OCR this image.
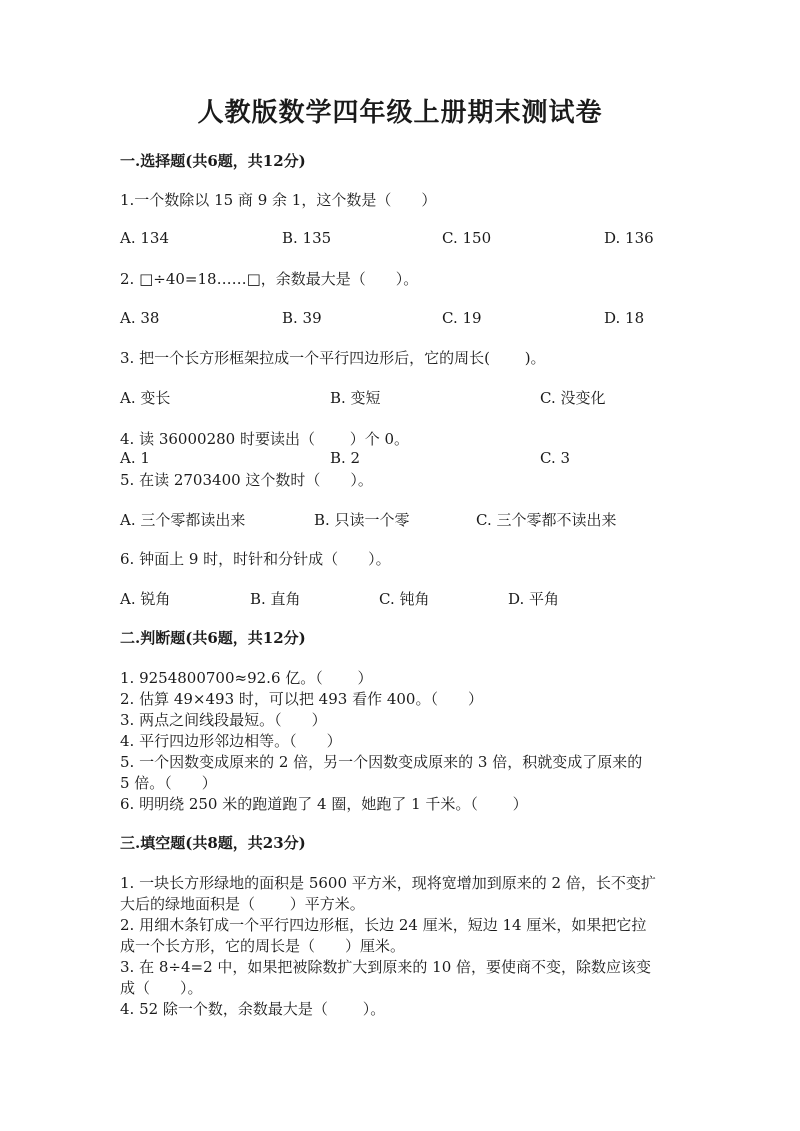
人教版数学四年级上册期末测试卷
一.选择题(共6题，共12分)
1.一个数除以 15 商 9 余 1，这个数是（　　）
A. 134	B. 135	C. 150	D. 136
2. □÷40=18……□，余数最大是（　　）。
A. 38	B. 39	C. 19	D. 18
3. 把一个长方形框架拉成一个平行四边形后，它的周长(　　 )。
A. 变长	B. 变短	C. 没变化
4. 读 36000280 时要读出（　　 ）个 0。
A. 1	B. 2	C. 3
5. 在读 2703400 这个数时（　　）。
A. 三个零都读出来	B. 只读一个零	C. 三个零都不读出来
6. 钟面上 9 时，时针和分针成（　　）。
A. 锐角	B. 直角	C. 钝角	D. 平角
二.判断题(共6题，共12分)
1. 9254800700≈92.6 亿。（　　 ）
2. 估算 49×493 时，可以把 493 看作 400。（　　）
3. 两点之间线段最短。（　　）
4. 平行四边形邻边相等。（　　）
5. 一个因数变成原来的 2 倍，另一个因数变成原来的 3 倍，积就变成了原来的
5 倍。（　　）
6. 明明绕 250 米的跑道跑了 4 圈，她跑了 1 千米。（　　 ）
三.填空题(共8题，共23分)
1. 一块长方形绿地的面积是 5600 平方米，现将宽增加到原来的 2 倍，长不变扩
大后的绿地面积是（　　 ）平方米。
2. 用细木条钉成一个平行四边形框，长边 24 厘米，短边 14 厘米，如果把它拉
成一个长方形，它的周长是（　　）厘米。
3. 在 8÷4=2 中，如果把被除数扩大到原来的 10 倍，要使商不变，除数应该变
成（　　）。
4. 52 除一个数，余数最大是（　　 ）。
